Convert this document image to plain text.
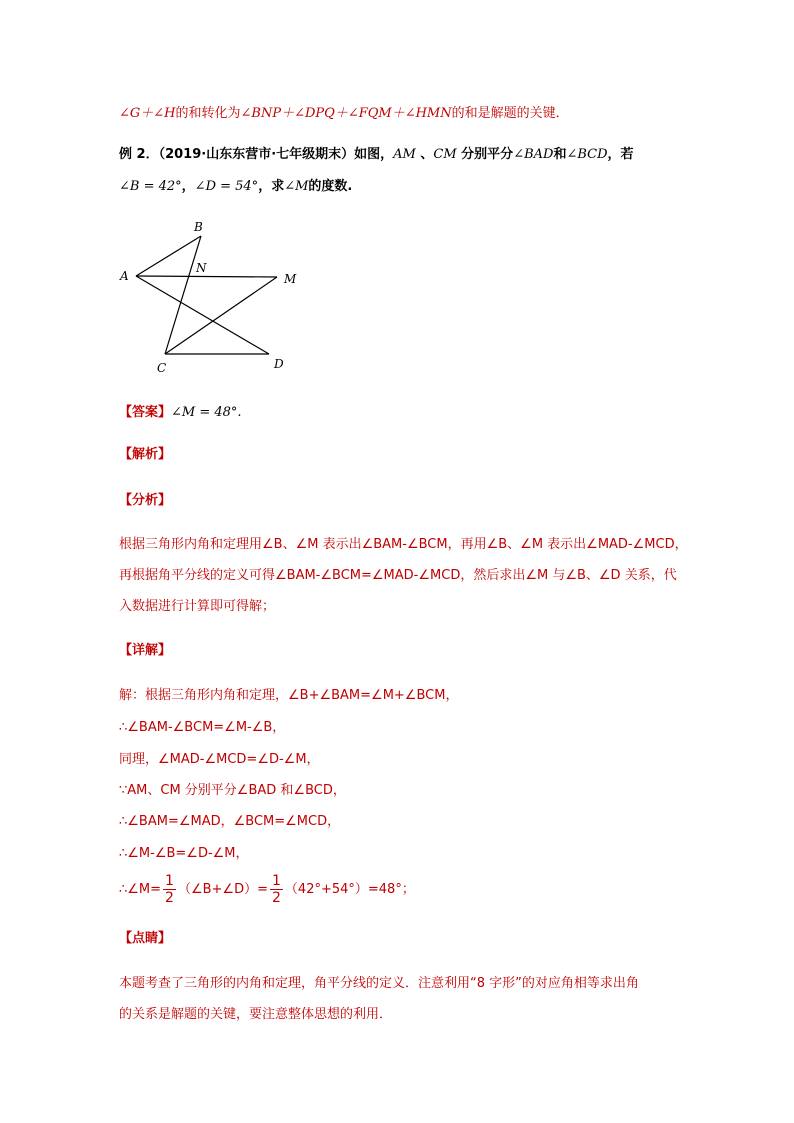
∠G＋∠H的和转化为∠BNP＋∠DPQ＋∠FQM＋∠HMN的和是解题的关键．
例 2．（2019·山东东营市·七年级期末）如图，AM 、CM 分别平分∠BAD和∠BCD，若
∠B = 42°，∠D = 54°，求∠M的度数.
B
A
N
M
C	D
【答案】∠M = 48°.
【解析】
【分析】
根据三角形内角和定理用∠B、∠M 表示出∠BAM-∠BCM，再用∠B、∠M 表示出∠MAD-∠MCD，
再根据角平分线的定义可得∠BAM-∠BCM=∠MAD-∠MCD，然后求出∠M 与∠B、∠D 关系，代
入数据进行计算即可得解；
【详解】
解：根据三角形内角和定理，∠B+∠BAM=∠M+∠BCM，
∴∠BAM-∠BCM=∠M-∠B，
同理，∠MAD-∠MCD=∠D-∠M，
∵AM、CM 分别平分∠BAD 和∠BCD，
∴∠BAM=∠MAD，∠BCM=∠MCD，
∴∠M-∠B=∠D-∠M，
∴∠M= $\frac{1}{2}$ （∠B+∠D）= $\frac{1}{2} (42^\circ+54^\circ)=48^\circ$；
【点睛】
本题考查了三角形的内角和定理，角平分线的定义．注意利用“8 字形”的对应角相等求出角
的关系是解题的关键，要注意整体思想的利用．
